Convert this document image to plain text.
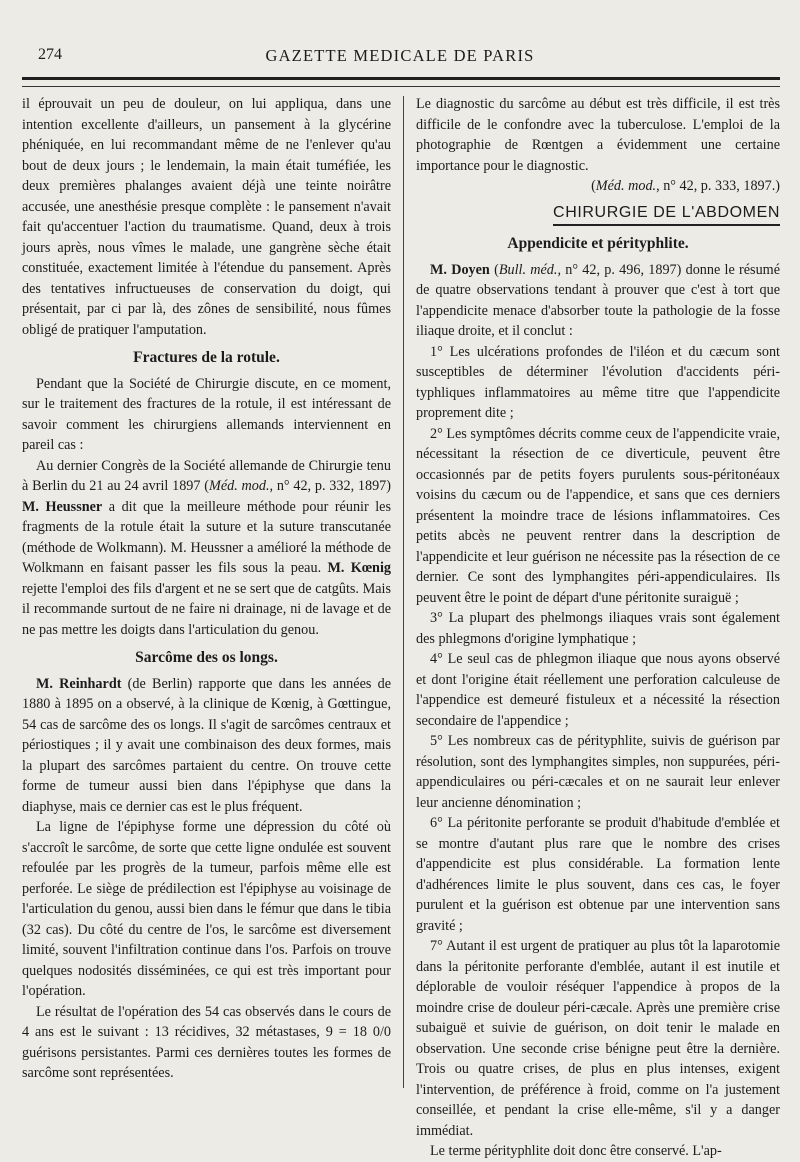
274	GAZETTE MEDICALE DE PARIS

il éprouvait un peu de douleur, on lui appliqua, dans une intention excellente d'ailleurs, un pansement à la glycérine phéniquée, en lui recommandant même de ne l'enlever qu'au bout de deux jours ; le lendemain, la main était tuméfiée, les deux premières phalanges avaient déjà une teinte noirâtre accusée, une anesthésie presque complète : le pansement n'avait fait qu'accentuer l'action du traumatisme. Quand, deux à trois jours après, nous vîmes le malade, une gangrène sèche était constituée, exactement limitée à l'étendue du pansement. Après des tentatives infructueuses de conservation du doigt, qui présentait, par ci par là, des zônes de sensibilité, nous fûmes obligé de pratiquer l'amputation.

Fractures de la rotule.

Pendant que la Société de Chirurgie discute, en ce moment, sur le traitement des fractures de la rotule, il est intéressant de savoir comment les chirurgiens allemands interviennent en pareil cas :

Au dernier Congrès de la Société allemande de Chirurgie tenu à Berlin du 21 au 24 avril 1897 (Méd. mod., n° 42, p. 332, 1897) M. Heussner a dit que la meilleure méthode pour réunir les fragments de la rotule était la suture et la suture transcutanée (méthode de Wolkmann). M. Heussner a amélioré la méthode de Wolkmann en faisant passer les fils sous la peau. M. Kœnig rejette l'emploi des fils d'argent et ne se sert que de catgûts. Mais il recommande surtout de ne faire ni drainage, ni de lavage et de ne pas mettre les doigts dans l'articulation du genou.

Sarcôme des os longs.

M. Reinhardt (de Berlin) rapporte que dans les années de 1880 à 1895 on a observé, à la clinique de Kœnig, à Gœttingue, 54 cas de sarcôme des os longs. Il s'agit de sarcômes centraux et périostiques ; il y avait une combinaison des deux formes, mais la plupart des sarcômes partaient du centre. On trouve cette forme de tumeur aussi bien dans l'épiphyse que dans la diaphyse, mais ce dernier cas est le plus fréquent.

La ligne de l'épiphyse forme une dépression du côté où s'accroît le sarcôme, de sorte que cette ligne ondulée est souvent refoulée par les progrès de la tumeur, parfois même elle est perforée. Le siège de prédilection est l'épiphyse au voisinage de l'articulation du genou, aussi bien dans le fémur que dans le tibia (32 cas). Du côté du centre de l'os, le sarcôme est diversement limité, souvent l'infiltration continue dans l'os. Parfois on trouve quelques nodosités disséminées, ce qui est très important pour l'opération.

Le résultat de l'opération des 54 cas observés dans le cours de 4 ans est le suivant : 13 récidives, 32 métastases, 9 = 18 0/0 guérisons persistantes. Parmi ces dernières toutes les formes de sarcôme sont représentées.

Le diagnostic du sarcôme au début est très difficile, il est très difficile de le confondre avec la tuberculose. L'emploi de la photographie de Rœntgen a évidemment une certaine importance pour le diagnostic.

(Méd. mod., n° 42, p. 333, 1897.)

CHIRURGIE DE L'ABDOMEN
Appendicite et pérityphlite.

M. Doyen (Bull. méd., n° 42, p. 496, 1897) donne le résumé de quatre observations tendant à prouver que c'est à tort que l'appendicite menace d'absorber toute la pathologie de la fosse iliaque droite, et il conclut :

1° Les ulcérations profondes de l'iléon et du cæcum sont susceptibles de déterminer l'évolution d'accidents péri-typhliques inflammatoires au même titre que l'appendicite proprement dite ;

2° Les symptômes décrits comme ceux de l'appendicite vraie, nécessitant la résection de ce diverticule, peuvent être occasionnés par de petits foyers purulents sous-péritonéaux voisins du cæcum ou de l'appendice, et sans que ces derniers présentent la moindre trace de lésions inflammatoires. Ces petits abcès ne peuvent rentrer dans la description de l'appendicite et leur guérison ne nécessite pas la résection de ce dernier. Ce sont des lymphangites péri-appendiculaires. Ils peuvent être le point de départ d'une péritonite suraiguë ;

3° La plupart des phelmongs iliaques vrais sont également des phlegmons d'origine lymphatique ;

4° Le seul cas de phlegmon iliaque que nous ayons observé et dont l'origine était réellement une perforation calculeuse de l'appendice est demeuré fistuleux et a nécessité la résection secondaire de l'appendice ;

5° Les nombreux cas de pérityphlite, suivis de guérison par résolution, sont des lymphangites simples, non suppurées, péri-appendiculaires ou péri-cæcales et on ne saurait leur enlever leur ancienne dénomination ;

6° La péritonite perforante se produit d'habitude d'emblée et se montre d'autant plus rare que le nombre des crises d'appendicite est plus considérable. La formation lente d'adhérences limite le plus souvent, dans ces cas, le foyer purulent et la guérison est obtenue par une intervention sans gravité ;

7° Autant il est urgent de pratiquer au plus tôt la laparotomie dans la péritonite perforante d'emblée, autant il est inutile et déplorable de vouloir réséquer l'appendice à propos de la moindre crise de douleur péri-cæcale. Après une première crise subaiguë et suivie de guérison, on doit tenir le malade en observation. Une seconde crise bénigne peut être la dernière. Trois ou quatre crises, de plus en plus intenses, exigent l'intervention, de préférence à froid, comme on l'a justement conseillée, et pendant la crise elle-même, s'il y a danger immédiat.

Le terme pérityphlite doit donc être conservé. L'ap-
